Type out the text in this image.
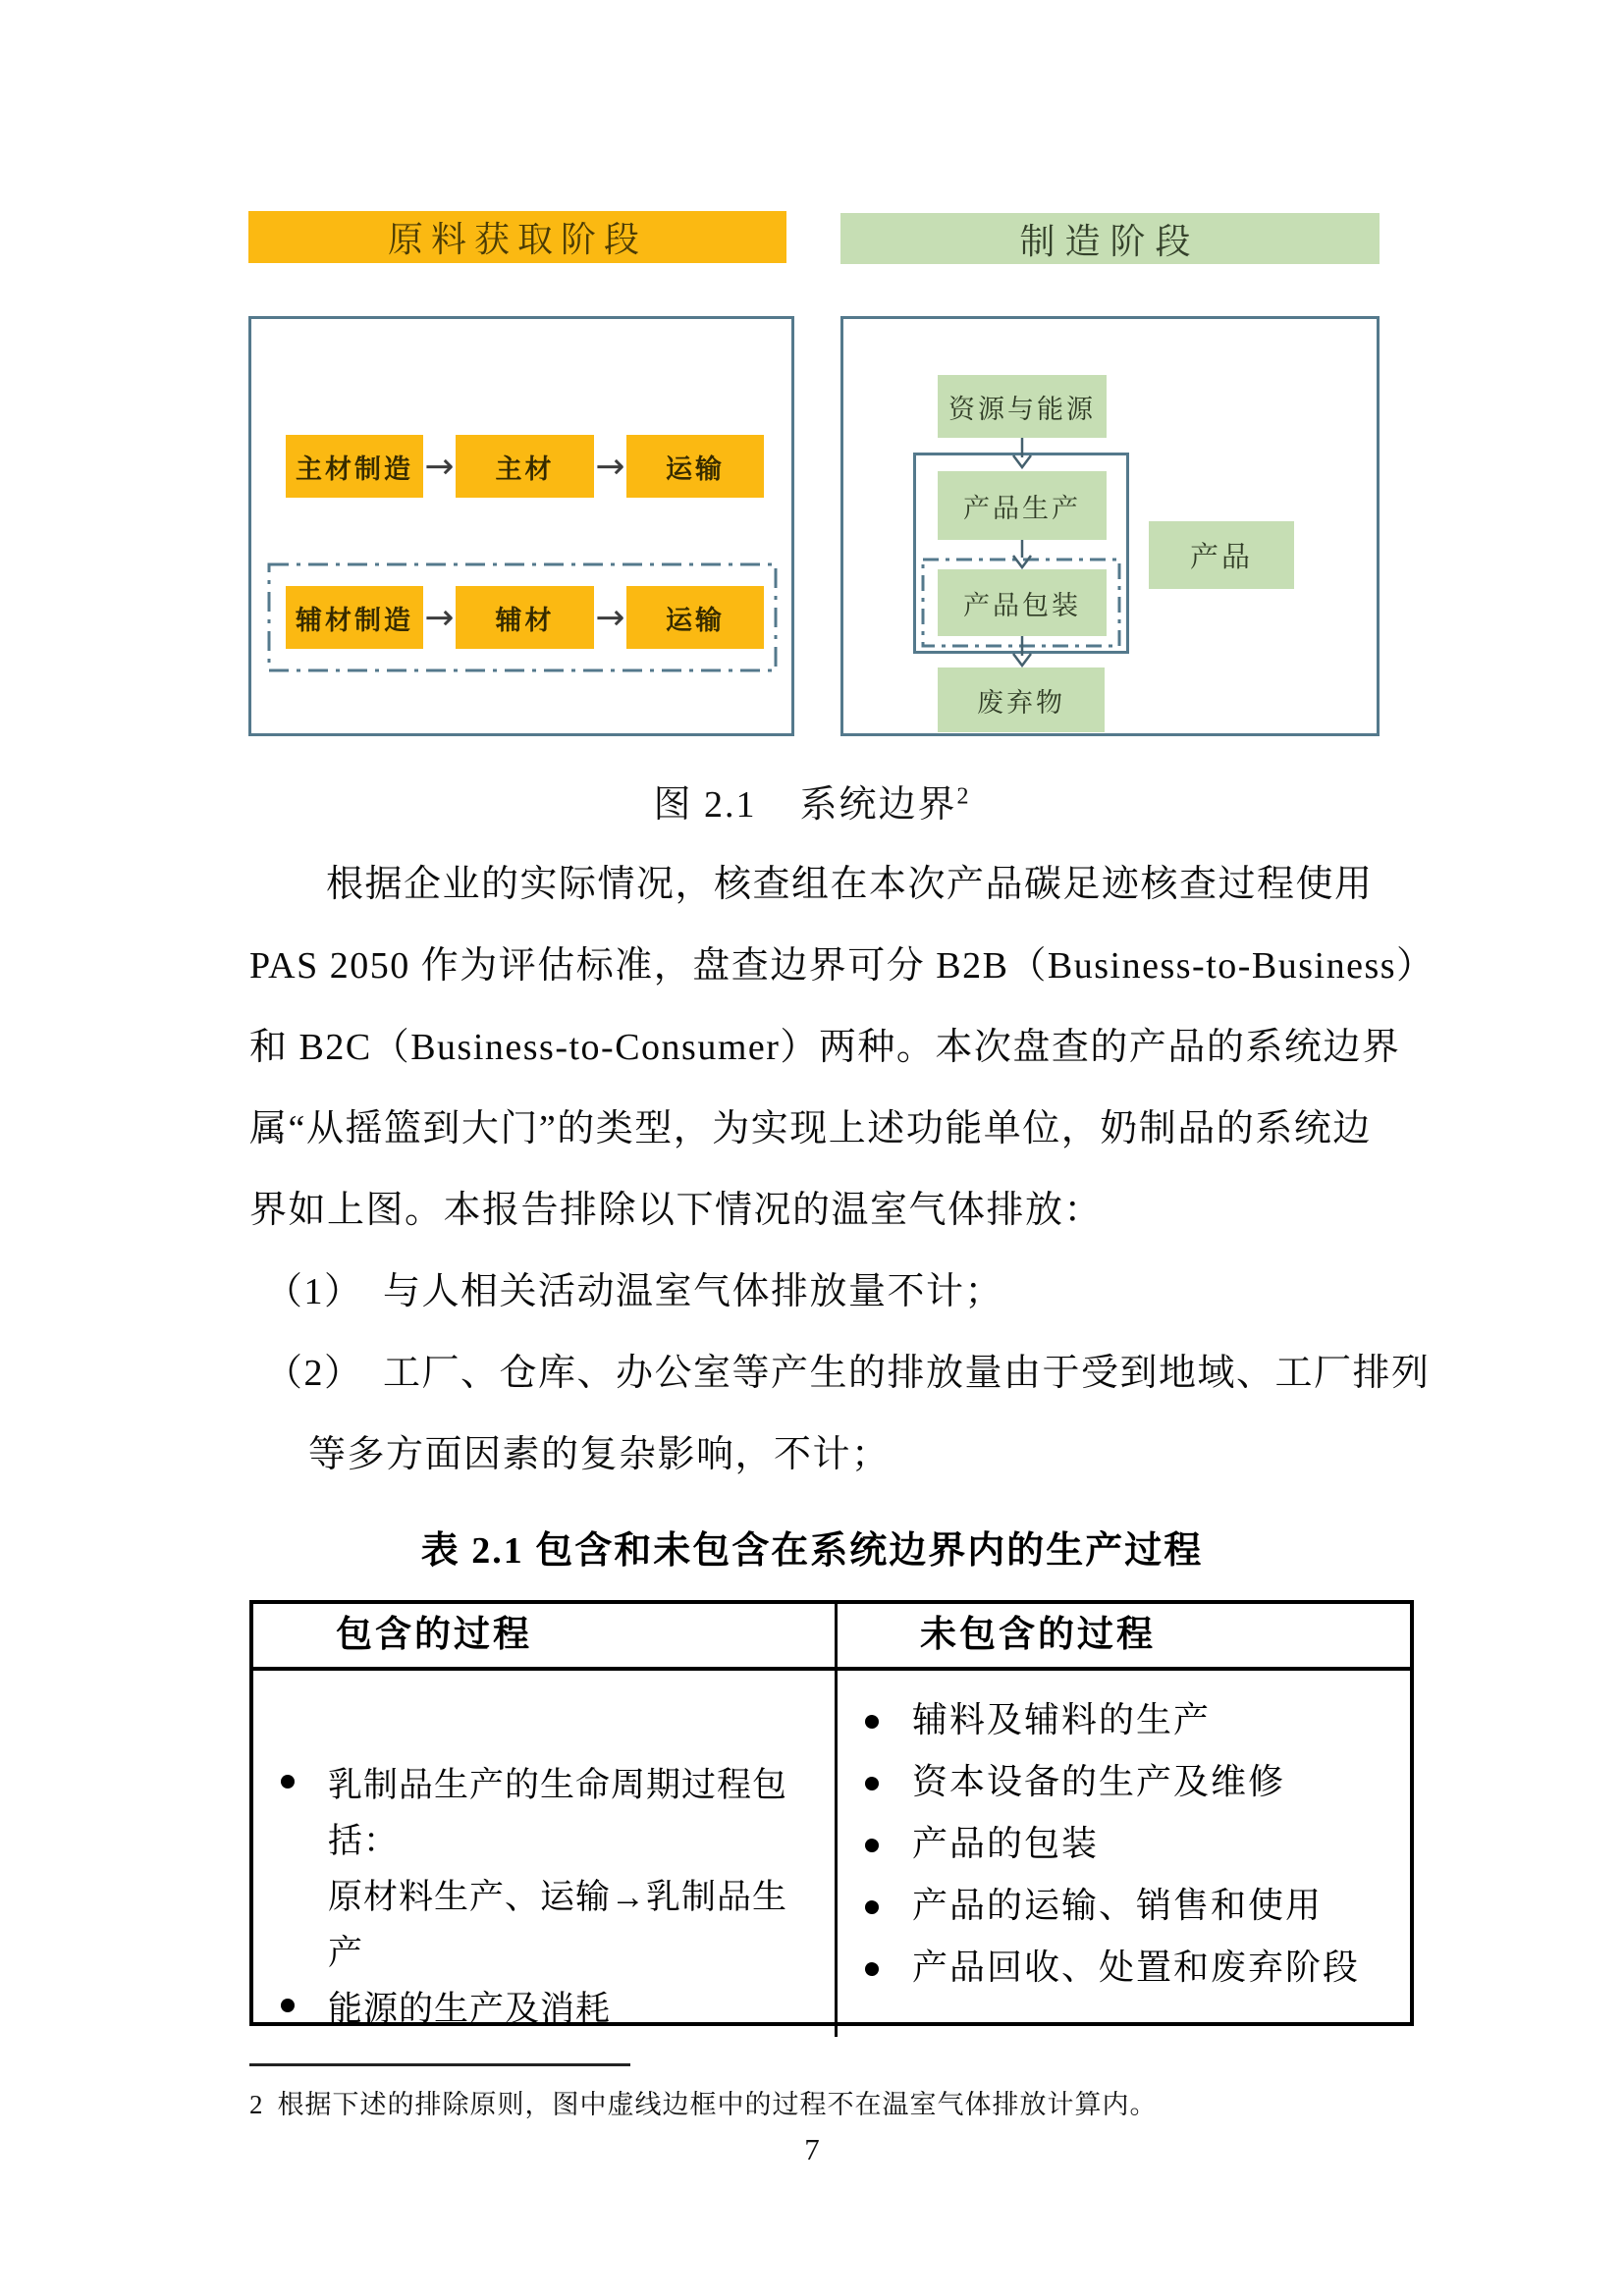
原料获取阶段	制造阶段
主材制造 → 主材 → 运输
辅材制造 → 辅材 → 运输
资源与能源
产品生产
产品包装
废弃物
产品
图 2.1 系统边界$^2$
根据企业的实际情况，核查组在本次产品碳足迹核查过程使用
PAS 2050 作为评估标准，盘查边界可分 B2B（Business-to-Business）
和 B2C（Business-to-Consumer）两种。本次盘查的产品的系统边界
属“从摇篮到大门”的类型，为实现上述功能单位，奶制品的系统边
界如上图。本报告排除以下情况的温室气体排放：
（1）　与人相关活动温室气体排放量不计；
（2）　工厂、仓库、办公室等产生的排放量由于受到地域、工厂排列
等多方面因素的复杂影响，不计；
表 2.1 包含和未包含在系统边界内的生产过程
包含的过程	未包含的过程
乳制品生产的生命周期过程包括：
原材料生产、运输→乳制品生产
能源的生产及消耗
辅料及辅料的生产
资本设备的生产及维修
产品的包装
产品的运输、销售和使用
产品回收、处置和废弃阶段
2 根据下述的排除原则，图中虚线边框中的过程不在温室气体排放计算内。
7
